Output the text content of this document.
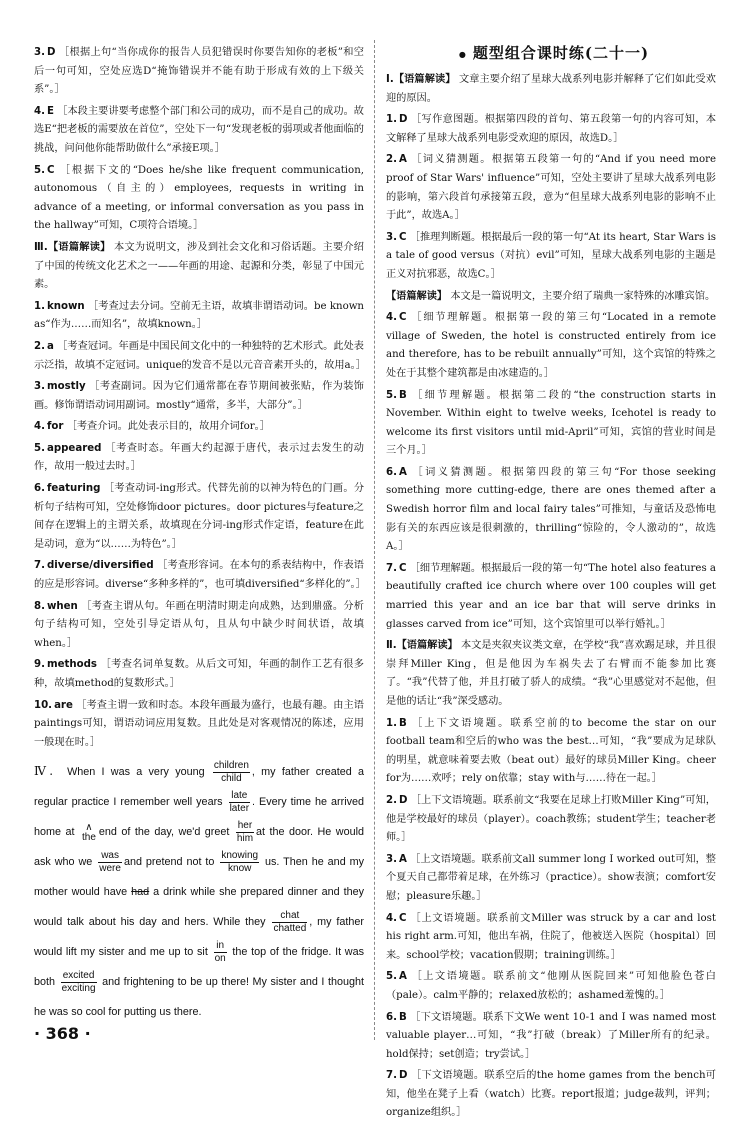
3. D ［根据上句“当你成你的报告人员犯错误时你要告知你的老板”和空后一句可知，空处应选D“掩饰错误并不能有助于形成有效的上下级关系”。］

4. E ［本段主要讲要考虑整个部门和公司的成功，而不是自己的成功。故选E“把老板的需要放在首位”，空处下一句“发现老板的弱项或者他面临的挑战，问问他你能帮助做什么”承接E项。］

5. C ［根据下文的“Does he/she like frequent communication, autonomous（自主的）employees, requests in writing in advance of a meeting, or informal conversation as you pass in the hallway”可知，C项符合语境。］

Ⅲ.【语篇解读】 本文为说明文，涉及到社会文化和习俗话题。主要介绍了中国的传统文化艺术之一——年画的用途、起源和分类，彰显了中国元素。

1. known ［考查过去分词。空前无主语，故填非谓语动词。be known as“作为……而知名”，故填known。］

2. a ［考查冠词。年画是中国民间文化中的一种独特的艺术形式。此处表示泛指，故填不定冠词。unique的发音不是以元音音素开头的，故用a。］

3. mostly ［考查副词。因为它们通常都在春节期间被张贴，作为装饰画。修饰谓语动词用副词。mostly“通常，多半，大部分”。］

4. for ［考查介词。此处表示目的，故用介词for。］

5. appeared ［考查时态。年画大约起源于唐代，表示过去发生的动作，故用一般过去时。］

6. featuring ［考查动词-ing形式。代替先前的以神为特色的门画。分析句子结构可知，空处修饰door pictures。door pictures与feature之间存在逻辑上的主谓关系，故填现在分词-ing形式作定语，feature在此是动词，意为“以……为特色”。］

7. diverse/diversified ［考查形容词。在本句的系表结构中，作表语的应是形容词。diverse“多种多样的”，也可填diversified“多样化的”。］

8. when ［考查主谓从句。年画在明清时期走向成熟，达到鼎盛。分析句子结构可知，空处引导定语从句，且从句中缺少时间状语，故填when。］

9. methods ［考查名词单复数。从后文可知，年画的制作工艺有很多种，故填method的复数形式。］

10. are ［考查主谓一致和时态。本段年画最为盛行，也最有趣。由主语paintings可知，谓语动词应用复数。且此处是对客观情况的陈述，应用一般现在时。］

Ⅳ. When I was a very young $\frac{\text{children}}{\text{child}}$ , my father created a regular practice I remember well years $\frac{\text{late}}{\text{later}}$ . Every time he arrived home at	∧
the end of the day, we'd greet $\frac{\text{her}}{\text{him}}$ at the door. He would ask who we $\frac{\text{was}}{\text{were}}$ and pretend not to $\frac{\text{knowing}}{\text{know}}$ us. Then he and my mother would have had a drink while she prepared dinner and they would talk about his day and hers. While they $\frac{\text{chat}}{\text{chatted}}$ , my father would lift my sister and me up to sit $\frac{in}{on}$ the top of the fridge. It was both $\frac{\text{excited}}{\text{exciting}}$ and frightening to be up there! My sister and I thought he was so cool for putting us there.
● 题型组合课时练(二十一)

Ⅰ.【语篇解读】 文章主要介绍了星球大战系列电影并解释了它们如此受欢迎的原因。

1. D ［写作意图题。根据第四段的首句、第五段第一句的内容可知，本文解释了星球大战系列电影受欢迎的原因，故选D。］

2. A ［词义猜测题。根据第五段第一句的“And if you need more proof of Star Wars' influence”可知，空处主要讲了星球大战系列电影的影响，第六段首句承接第五段，意为“但星球大战系列电影的影响不止于此”，故选A。］

3. C ［推理判断题。根据最后一段的第一句“At its heart, Star Wars is a tale of good versus（对抗）evil”可知，星球大战系列电影的主题是正义对抗邪恶，故选C。］

【语篇解读】 本文是一篇说明文，主要介绍了瑞典一家特殊的冰雕宾馆。

4. C ［细节理解题。根据第一段的第三句“Located in a remote village of Sweden, the hotel is constructed entirely from ice and therefore, has to be rebuilt annually”可知，这个宾馆的特殊之处在于其整个建筑都是由冰建造的。］

5. B ［细节理解题。根据第二段的“the construction starts in November. Within eight to twelve weeks, Icehotel is ready to welcome its first visitors until mid-April”可知，宾馆的营业时间是三个月。］

6. A ［词义猜测题。根据第四段的第三句“For those seeking something more cutting-edge, there are ones themed after a Swedish horror film and local fairy tales”可推知，与童话及恐怖电影有关的东西应该是很刺激的，thrilling“惊险的，令人激动的”，故选A。］

7. C ［细节理解题。根据最后一段的第一句“The hotel also features a beautifully crafted ice church where over 100 couples will get married this year and an ice bar that will serve drinks in glasses carved from ice”可知，这个宾馆里可以举行婚礼。］

Ⅱ.【语篇解读】 本文是夹叙夹议类文章，在学校“我”喜欢踢足球，并且很崇拜Miller King，但是他因为车祸失去了右臂而不能参加比赛了。“我”代替了他，并且打破了骄人的成绩。“我”心里感觉对不起他，但是他的话让“我”深受感动。

1. B ［上下文语境题。联系空前的to become the star on our football team和空后的who was the best…可知，“我”要成为足球队的明星，就意味着要去败（beat out）最好的球员Miller King。cheer for为……欢呼；rely on依靠；stay with与……待在一起。］

2. D ［上下文语境题。联系前文“我要在足球上打败Miller King”可知，他是学校最好的球员（player）。coach教练；student学生；teacher老师。］

3. A ［上文语境题。联系前文all summer long I worked out可知，整个夏天自己都带着足球，在外练习（practice）。show表演；comfort安慰；pleasure乐趣。］

4. C ［上文语境题。联系前文Miller was struck by a car and lost his right arm.可知，他出车祸，住院了，他被送入医院（hospital）回来。school学校；vacation假期；training训练。］

5. A ［上文语境题。联系前文“他刚从医院回来”可知他脸色苍白（pale）。calm平静的；relaxed放松的；ashamed羞愧的。］

6. B ［下文语境题。联系下文We went 10-1 and I was named most valuable player…可知，“我”打破（break）了Miller所有的纪录。hold保持；set创造；try尝试。］

7. D ［下文语境题。联系空后的the home games from the bench可知，他坐在凳子上看（watch）比赛。report报道；judge裁判，评判；organize组织。］

· 368 ·
